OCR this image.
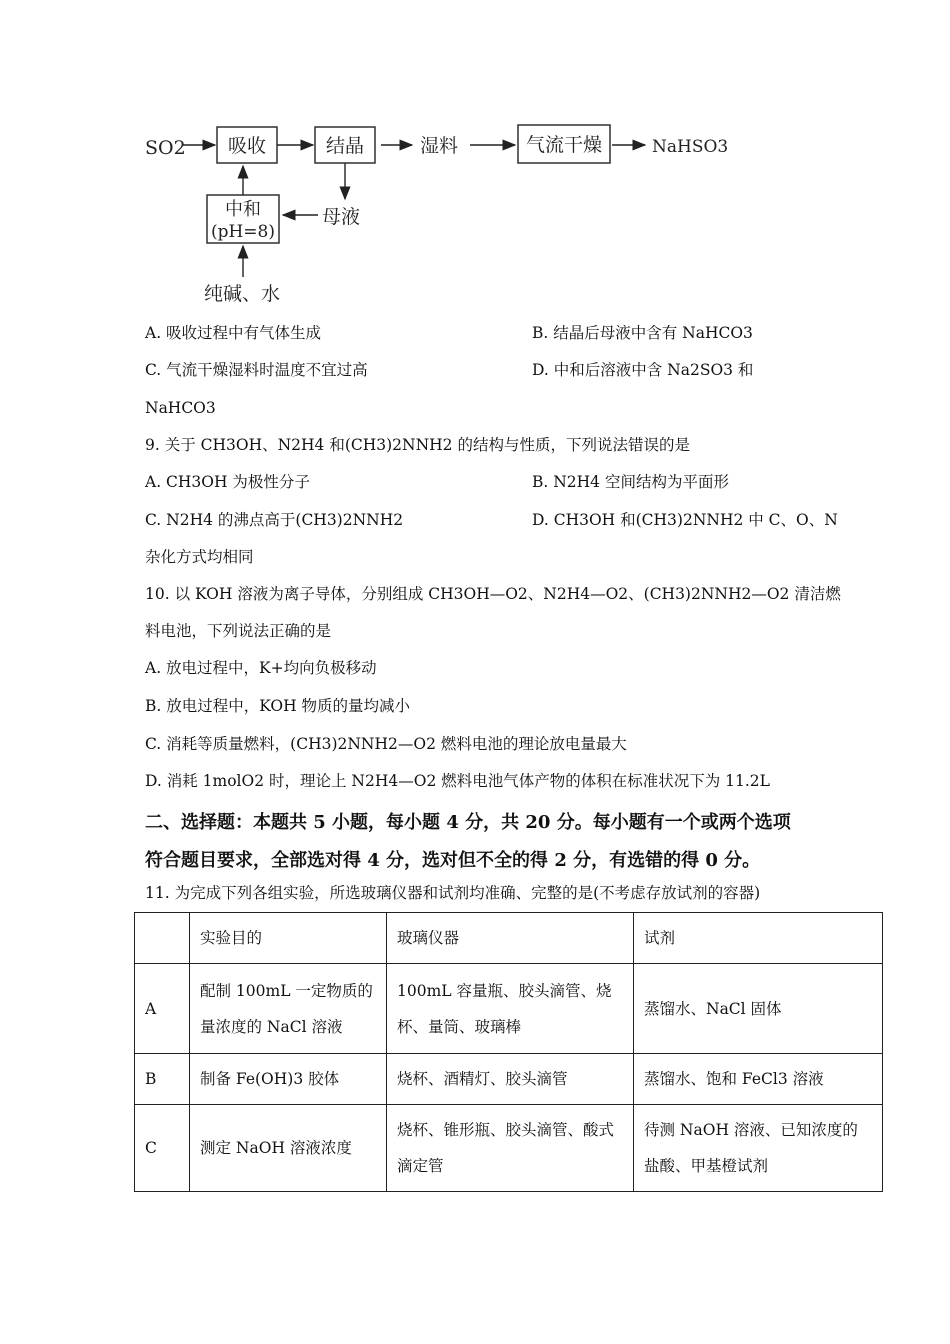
SO2 吸收	结晶	湿料	气流干燥	NaHSO3
母液
中和
(pH=8)
纯碱、水
A. 吸收过程中有气体生成	B. 结晶后母液中含有 NaHCO3
C. 气流干燥湿料时温度不宜过高	D. 中和后溶液中含 Na2SO3 和
NaHCO3
9. 关于 CH3OH、N2H4 和(CH3)2NNH2 的结构与性质，下列说法错误的是
A. CH3OH 为极性分子	B. N2H4 空间结构为平面形
C. N2H4 的沸点高于(CH3)2NNH2	D. CH3OH 和(CH3)2NNH2 中 C、O、N
杂化方式均相同
10. 以 KOH 溶液为离子导体，分别组成 CH3OH—O2、N2H4—O2、(CH3)2NNH2—O2 清洁燃
料电池，下列说法正确的是
A. 放电过程中，K+均向负极移动
B. 放电过程中，KOH 物质的量均减小
C. 消耗等质量燃料，(CH3)2NNH2—O2 燃料电池的理论放电量最大
D. 消耗 1molO2 时，理论上 N2H4—O2 燃料电池气体产物的体积在标准状况下为 11.2L
二、选择题：本题共 5 小题，每小题 4 分，共 20 分。每小题有一个或两个选项
符合题目要求，全部选对得 4 分，选对但不全的得 2 分，有选错的得 0 分。
11. 为完成下列各组实验，所选玻璃仪器和试剂均准确、完整的是(不考虑存放试剂的容器)
	实验目的	玻璃仪器	试剂
A	配制 100mL 一定物质的量浓度的 NaCl 溶液	100mL 容量瓶、胶头滴管、烧杯、量筒、玻璃棒	蒸馏水、NaCl 固体
B	制备 Fe(OH)3 胶体	烧杯、酒精灯、胶头滴管	蒸馏水、饱和 FeCl3 溶液
C	测定 NaOH 溶液浓度	烧杯、锥形瓶、胶头滴管、酸式滴定管	待测 NaOH 溶液、已知浓度的盐酸、甲基橙试剂
